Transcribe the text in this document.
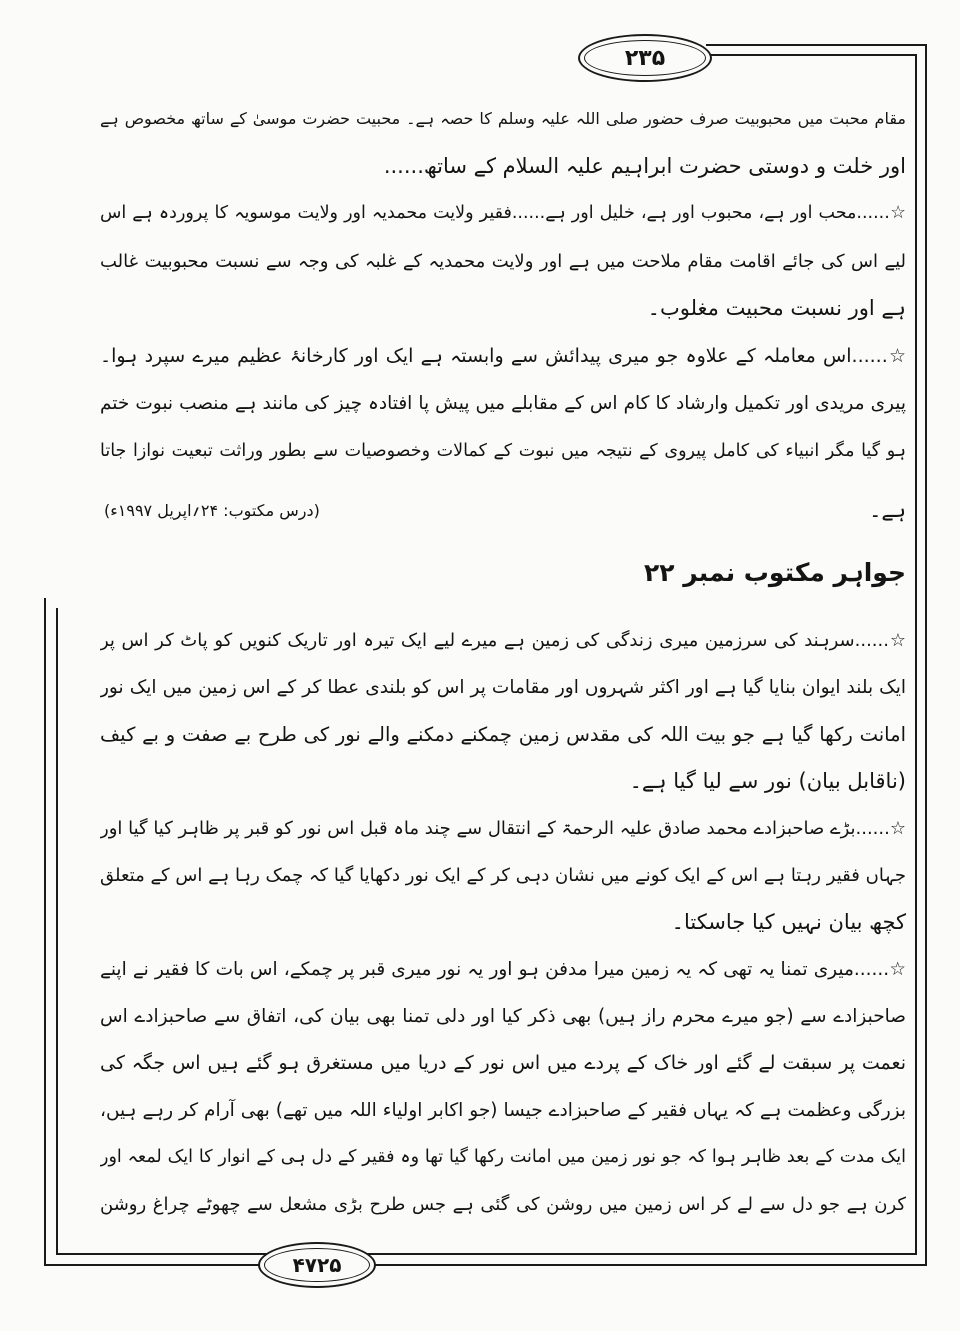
۲۳۵
مقام محبت میں محبوبیت صرف حضور صلی اللہ علیہ وسلم کا حصہ ہے۔ محبیت حضرت موسیٰ کے ساتھ مخصوص ہے
اور خلت و دوستی حضرت ابراہیم علیہ السلام کے ساتھ......
☆......محب اور ہے، محبوب اور ہے، خلیل اور ہے......فقیر ولایت محمدیہ اور ولایت موسویہ کا پروردہ ہے اس
لیے اس کی جائے اقامت مقام ملاحت میں ہے اور ولایت محمدیہ کے غلبہ کی وجہ سے نسبت محبوبیت غالب
ہے اور نسبت محبیت مغلوب۔
☆......اس معاملہ کے علاوہ جو میری پیدائش سے وابستہ ہے ایک اور کارخانۂ عظیم میرے سپرد ہوا۔
پیری مریدی اور تکمیل وارشاد کا کام اس کے مقابلے میں پیش پا افتادہ چیز کی مانند ہے منصب نبوت ختم
ہو گیا مگر انبیاء کی کامل پیروی کے نتیجہ میں نبوت کے کمالات وخصوصیات سے بطور وراثت تبعیت نوازا جاتا
ہے۔
(درس مکتوب: ۲۴؍اپریل ۱۹۹۷ء)
جواہر مکتوب نمبر ۲۲
☆......سرہند کی سرزمین میری زندگی کی زمین ہے میرے لیے ایک تیرہ اور تاریک کنویں کو پاٹ کر اس پر
ایک بلند ایوان بنایا گیا ہے اور اکثر شہروں اور مقامات پر اس کو بلندی عطا کر کے اس زمین میں ایک نور
امانت رکھا گیا ہے جو بیت اللہ کی مقدس زمین چمکنے دمکنے والے نور کی طرح بے صفت و بے کیف
(ناقابل بیان) نور سے لیا گیا ہے۔
☆......بڑے صاحبزادے محمد صادق علیہ الرحمۃ کے انتقال سے چند ماہ قبل اس نور کو قبر پر ظاہر کیا گیا اور
جہاں فقیر رہتا ہے اس کے ایک کونے میں نشان دہی کر کے ایک نور دکھایا گیا کہ چمک رہا ہے اس کے متعلق
کچھ بیان نہیں کیا جاسکتا۔
☆......میری تمنا یہ تھی کہ یہ زمین میرا مدفن ہو اور یہ نور میری قبر پر چمکے، اس بات کا فقیر نے اپنے
صاحبزادے سے (جو میرے محرم راز ہیں) بھی ذکر کیا اور دلی تمنا بھی بیان کی، اتفاق سے صاحبزادے اس
نعمت پر سبقت لے گئے اور خاک کے پردے میں اس نور کے دریا میں مستغرق ہو گئے ہیں اس جگہ کی
بزرگی وعظمت ہے کہ یہاں فقیر کے صاحبزادے جیسا (جو اکابر اولیاء اللہ میں تھے) بھی آرام کر رہے ہیں،
ایک مدت کے بعد ظاہر ہوا کہ جو نور زمین میں امانت رکھا گیا تھا وہ فقیر کے دل ہی کے انوار کا ایک لمعہ اور
کرن ہے جو دل سے لے کر اس زمین میں روشن کی گئی ہے جس طرح بڑی مشعل سے چھوٹے چراغ روشن
۴۷۲۵
